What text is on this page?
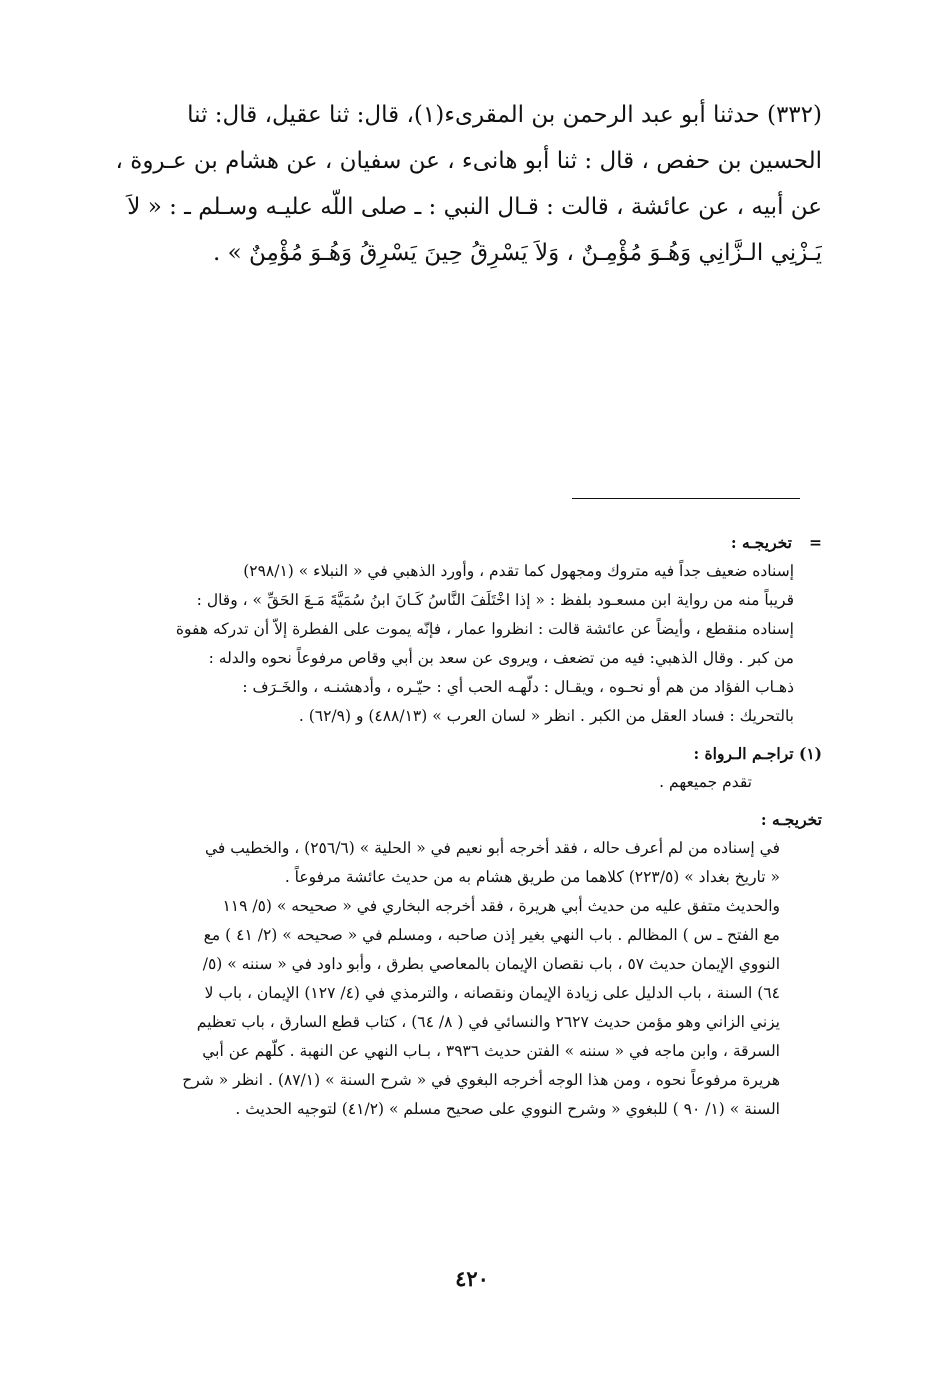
(٣٣٢) حدثنا أبو عبد الرحمن بن المقرىء(١)، قال: ثنا عقيل، قال: ثنا
الحسين بن حفص ، قال : ثنا أبو هانىء ، عن سفيان ، عن هشام بن عـروة ،
عن أبيه ، عن عائشة ، قالت : قـال النبي : ـ صلى اللّه عليـه وسـلم ـ : « لاَ
يَـزْنِي الـزَّانِي وَهُـوَ مُؤْمِـنٌ ، وَلاَ يَسْرِقُ حِينَ يَسْرِقُ وَهُـوَ مُؤْمِنٌ » .
=
تخريجـه :
إسناده ضعيف جداً فيه متروك ومجهول كما تقدم ، وأورد الذهبي في « النبلاء » (٢٩٨/١)
قريباً منه من رواية ابن مسعـود بلفظ : « إذا اخْتَلَفَ النَّاسُ كَـانَ ابنُ سُمَيَّةَ مَـعَ الحَقِّ » ، وقال :
إسناده منقطع ، وأيضاً عن عائشة قالت : انظروا عمار ، فإنّه يموت على الفطرة إلاّ أن تدركه هفوة
من كبر . وقال الذهبي: فيه من تضعف ، ويروى عن سعد بن أبي وقاص مرفوعاً نحوه والدله :
ذهـاب الفؤاد من هم أو نحـوه ، ويقـال : دلّهـه الحب أي : حيّـره ، وأدهشنـه ، والخَـرَف :
بالتحريك : فساد العقل من الكبر . انظر « لسان العرب » (٤٨٨/١٣) و (٦٢/٩) .
(١) تراجـم الـرواة :
تقدم جميعهم .
تخريجـه :
في إسناده من لم أعرف حاله ، فقد أخرجه أبو نعيم في « الحلية » (٢٥٦/٦) ، والخطيب في
« تاريخ بغداد » (٢٢٣/٥) كلاهما من طريق هشام به من حديث عائشة مرفوعاً .
والحديث متفق عليه من حديث أبي هريرة ، فقد أخرجه البخاري في « صحيحه » (٥/ ١١٩
مع الفتح ـ س ) المظالم . باب النهي بغير إذن صاحبه ، ومسلم في « صحيحه » (٢/ ٤١ ) مع
النووي الإيمان حديث ٥٧ ، باب نقصان الإيمان بالمعاصي بطرق ، وأبو داود في « سننه » (٥/
٦٤) السنة ، باب الدليل على زيادة الإيمان ونقصانه ، والترمذي في (٤/ ١٢٧) الإيمان ، باب لا
يزني الزاني وهو مؤمن حديث ٢٦٢٧ والنسائي في ( ٨/ ٦٤) ، كتاب قطع السارق ، باب تعظيم
السرقة ، وابن ماجه في « سننه » الفتن حديث ٣٩٣٦ ، بـاب النهي عن النهبة . كلّهم عن أبي
هريرة مرفوعاً نحوه ، ومن هذا الوجه أخرجه البغوي في « شرح السنة » (٨٧/١) . انظر « شرح
السنة » (١/ ٩٠ ) للبغوي « وشرح النووي على صحيح مسلم » (٤١/٢) لتوجيه الحديث .
٤٢٠
